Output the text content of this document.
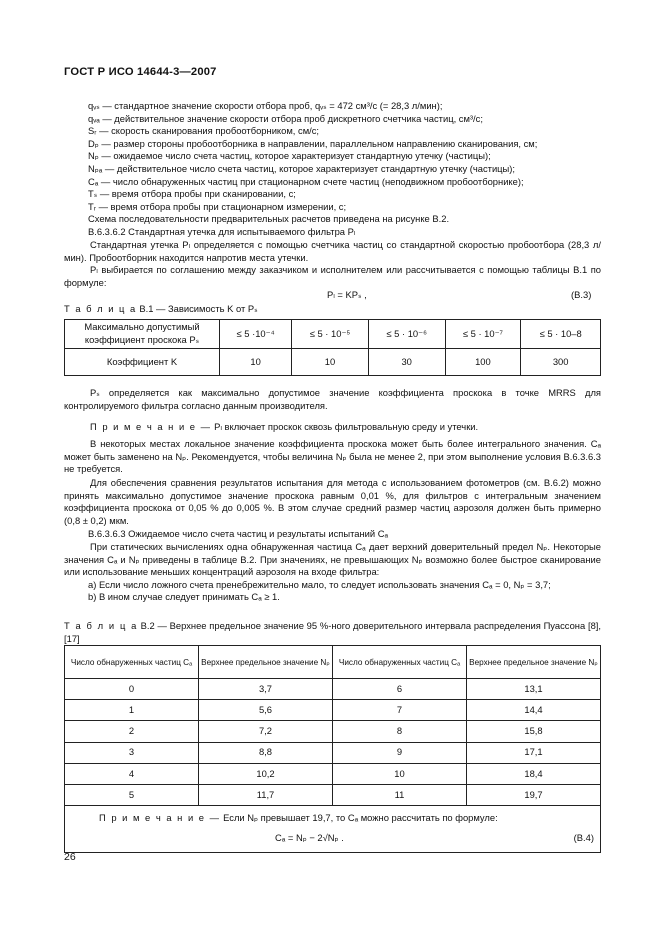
ГОСТ Р ИСО 14644-3—2007
qᵥₛ — стандартное значение скорости отбора проб, qᵥₛ = 472 см³/с (= 28,3 л/мин);
qᵥₐ — действительное значение скорости отбора проб дискретного счетчика частиц, см³/с;
Sᵣ — скорость сканирования пробоотборником, см/с;
Dₚ — размер стороны пробоотборника в направлении, параллельном направлению сканирования, см;
Nₚ — ожидаемое число счета частиц, которое характеризует стандартную утечку (частицы);
Nₚₐ — действительное число счета частиц, которое характеризует стандартную утечку (частицы);
Cₐ — число обнаруженных частиц при стационарном счете частиц (неподвижном пробоотборнике);
Tₛ — время отбора пробы при сканировании, с;
Tᵣ — время отбора пробы при стационарном измерении, с;
Схема последовательности предварительных расчетов приведена на рисунке В.2.
В.6.3.6.2 Стандартная утечка для испытываемого фильтра Pₗ
Стандартная утечка Pₗ определяется с помощью счетчика частиц со стандартной скоростью пробоотбора (28,3 л/мин). Пробоотборник находится напротив места утечки.
Pₗ выбирается по соглашению между заказчиком и исполнителем или рассчитывается с помощью таблицы В.1 по формуле:
Pₗ = KPₛ ,	(В.3)
Т а б л и ц а В.1 — Зависимость K от Pₛ
Максимально допустимый коэффициент проскока Pₛ	≤ 5 ·10⁻⁴	≤ 5 · 10⁻⁵	≤ 5 · 10⁻⁶	≤ 5 · 10⁻⁷	≤ 5 · 10–8
Коэффициент K	10	10	30	100	300
Pₛ определяется как максимально допустимое значение коэффициента проскока в точке MRRS для контролируемого фильтра согласно данным производителя.
П р и м е ч а н и е — Pₗ включает проскок сквозь фильтровальную среду и утечки.
В некоторых местах локальное значение коэффициента проскока может быть более интегрального значения. Cₐ может быть заменено на Nₚ. Рекомендуется, чтобы величина Nₚ была не менее 2, при этом выполнение условия В.6.3.6.3 не требуется.
Для обеспечения сравнения результатов испытания для метода с использованием фотометров (см. В.6.2) можно принять максимально допустимое значение проскока равным 0,01 %, для фильтров с интегральным значением коэффициента проскока от 0,05 % до 0,005 %. В этом случае средний размер частиц аэрозоля должен быть примерно (0,8 ± 0,2) мкм.
В.6.3.6.3 Ожидаемое число счета частиц и результаты испытаний Cₐ
При статических вычислениях одна обнаруженная частица Cₐ дает верхний доверительный предел Nₚ. Некоторые значения Cₐ и Nₚ приведены в таблице В.2. При значениях, не превышающих Nₚ возможно более быстрое сканирование или использование меньших концентраций аэрозоля на входе фильтра:
a) Если число ложного счета пренебрежительно мало, то следует использовать значения Cₐ = 0, Nₚ = 3,7;
b) В ином случае следует принимать Cₐ ≥ 1.
Т а б л и ц а В.2 — Верхнее предельное значение 95 %-ного доверительного интервала распределения Пуассона [8], [17]
Число обнаруженных частиц Cₐ	Верхнее предельное значение Nₚ	Число обнаруженных частиц Cₐ	Верхнее предельное значение Nₚ
0	3,7	6	13,1
1	5,6	7	14,4
2	7,2	8	15,8
3	8,8	9	17,1
4	10,2	10	18,4
5	11,7	11	19,7

П р и м е ч а н и е — Если Nₚ превышает 19,7, то Cₐ можно рассчитать по формуле:
Cₐ = Nₚ − 2√Nₚ . (В.4)			
26
